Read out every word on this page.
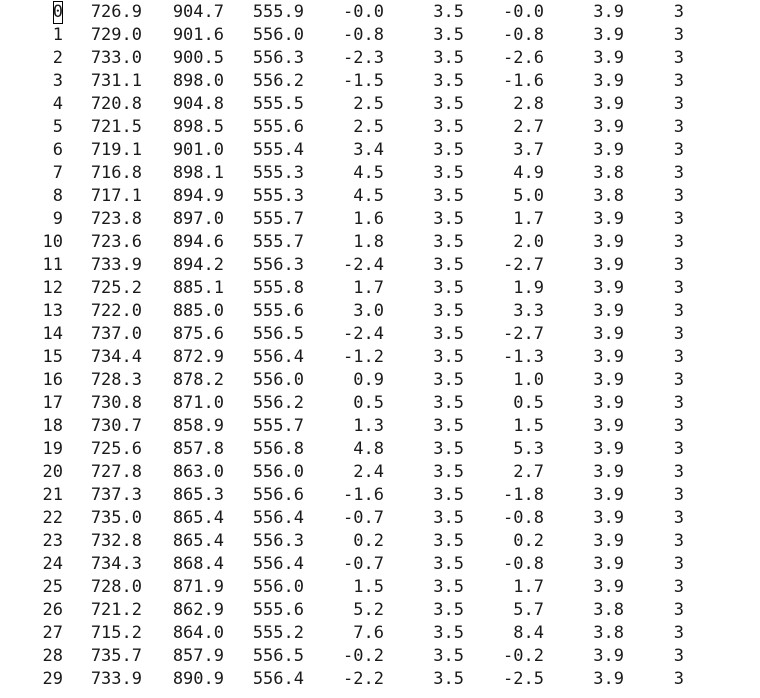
0 726.9 904.7 555.9 -0.0	3.5 -0.0	3.9	3
1 729.0 901.6 556.0 -0.8	3.5 -0.8	3.9	3
2 733.0 900.5 556.3 -2.3	3.5 -2.6	3.9	3
3 731.1 898.0 556.2 -1.5	3.5 -1.6	3.9	3
4 720.8 904.8 555.5	2.5	3.5	2.8	3.9	3
5 721.5 898.5 555.6	2.5	3.5	2.7	3.9	3
6 719.1 901.0 555.4	3.4	3.5	3.7	3.9	3
7 716.8 898.1 555.3	4.5	3.5	4.9	3.8	3
8 717.1 894.9 555.3	4.5	3.5	5.0	3.8	3
9 723.8 897.0 555.7	1.6	3.5	1.7	3.9	3
10 723.6 894.6 555.7	1.8	3.5	2.0	3.9	3
11 733.9 894.2 556.3 -2.4	3.5 -2.7	3.9	3
12 725.2 885.1 555.8	1.7	3.5	1.9	3.9	3
13 722.0 885.0 555.6	3.0	3.5	3.3	3.9	3
14 737.0 875.6 556.5 -2.4	3.5 -2.7	3.9	3
15 734.4 872.9 556.4 -1.2	3.5 -1.3	3.9	3
16 728.3 878.2 556.0	0.9	3.5	1.0	3.9	3
17 730.8 871.0 556.2	0.5	3.5	0.5	3.9	3
18 730.7 858.9 555.7	1.3	3.5	1.5	3.9	3
19 725.6 857.8 556.8	4.8	3.5	5.3	3.9	3
20 727.8 863.0 556.0	2.4	3.5	2.7	3.9	3
21 737.3 865.3 556.6 -1.6	3.5 -1.8	3.9	3
22 735.0 865.4 556.4 -0.7	3.5 -0.8	3.9	3
23 732.8 865.4 556.3	0.2	3.5	0.2	3.9	3
24 734.3 868.4 556.4 -0.7	3.5 -0.8	3.9	3
25 728.0 871.9 556.0	1.5	3.5	1.7	3.9	3
26 721.2 862.9 555.6	5.2	3.5	5.7	3.8	3
27 715.2 864.0 555.2	7.6	3.5	8.4	3.8	3
28 735.7 857.9 556.5 -0.2	3.5 -0.2	3.9	3
29 733.9 890.9 556.4 -2.2	3.5 -2.5	3.9	3
